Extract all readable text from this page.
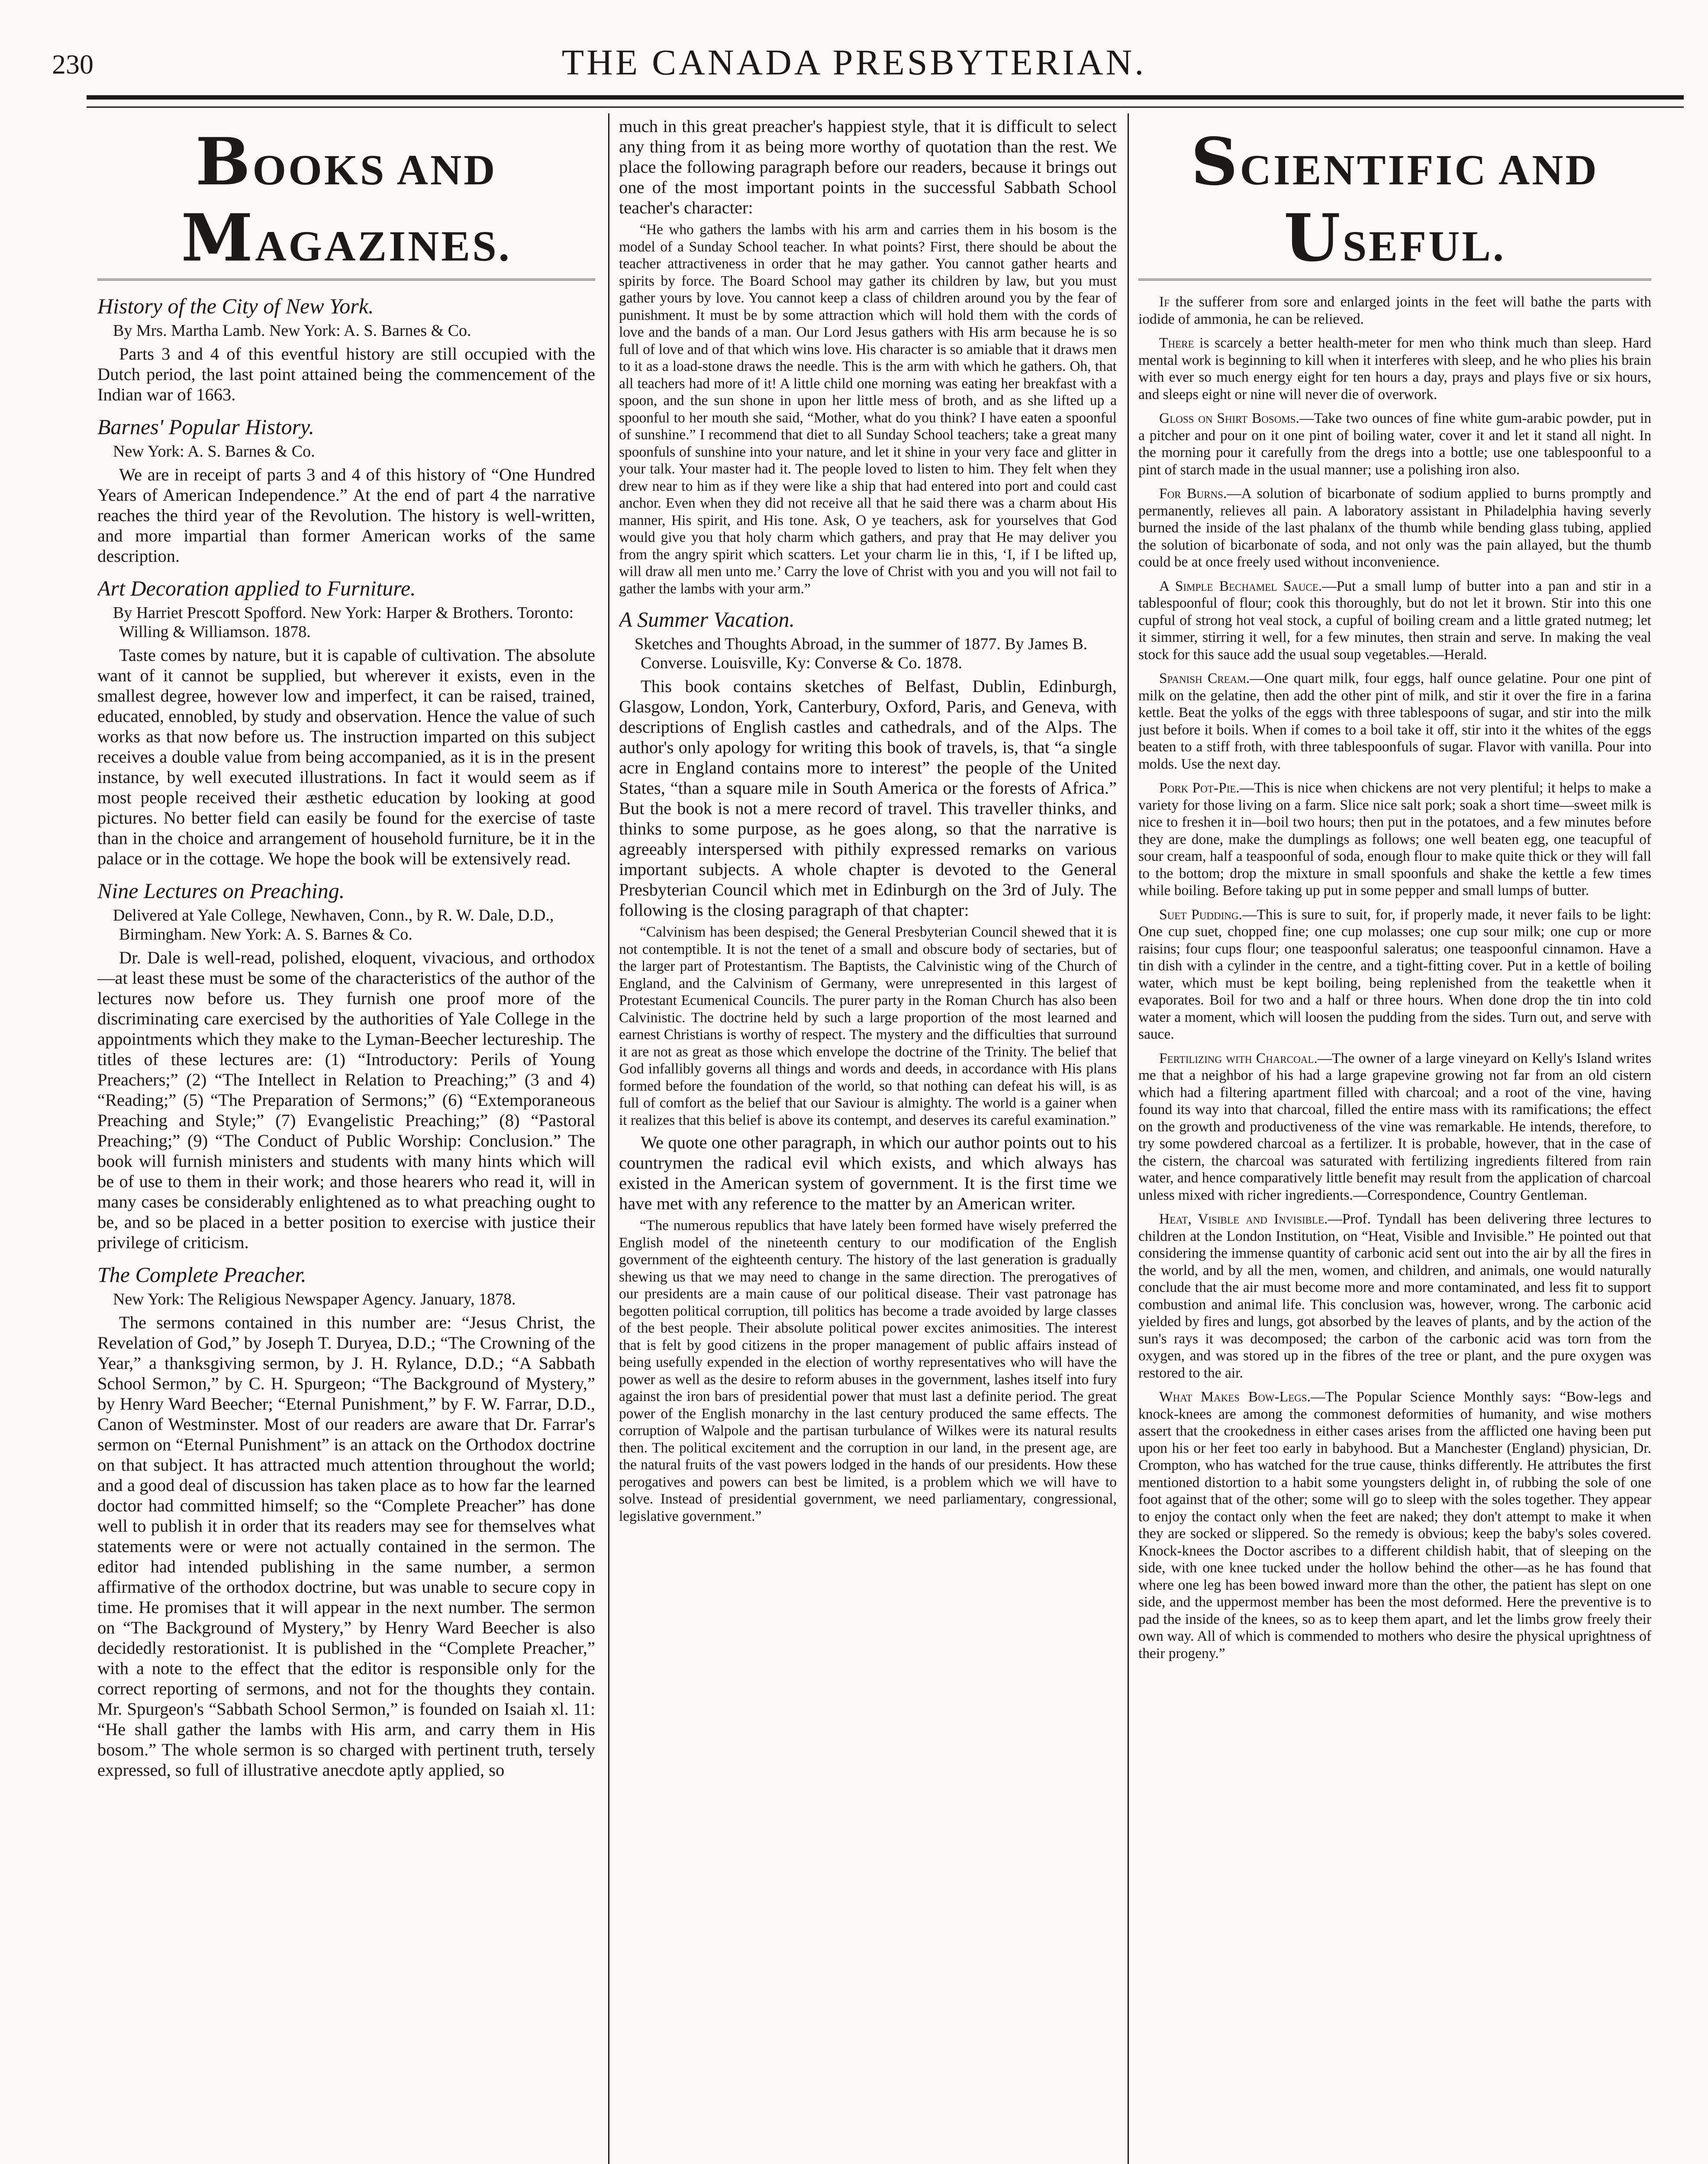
230	THE CANADA PRESBYTERIAN.
BOOKS AND MAGAZINES.
History of the City of New York.
By Mrs. Martha Lamb. New York: A. S. Barnes & Co.

Parts 3 and 4 of this eventful history are still occupied with the Dutch period, the last point attained being the commencement of the Indian war of 1663.

Barnes' Popular History.
New York: A. S. Barnes & Co.

We are in receipt of parts 3 and 4 of this history of “One Hundred Years of American Independence.” At the end of part 4 the narrative reaches the third year of the Revolution. The history is well-written, and more impartial than former American works of the same description.

Art Decoration applied to Furniture.
By Harriet Prescott Spofford. New York: Harper & Brothers. Toronto: Willing & Williamson. 1878.

Taste comes by nature, but it is capable of cultivation. The absolute want of it cannot be supplied, but wherever it exists, even in the smallest degree, however low and imperfect, it can be raised, trained, educated, ennobled, by study and observation. Hence the value of such works as that now before us. The instruction imparted on this subject receives a double value from being accompanied, as it is in the present instance, by well executed illustrations. In fact it would seem as if most people received their æsthetic education by looking at good pictures. No better field can easily be found for the exercise of taste than in the choice and arrangement of household furniture, be it in the palace or in the cottage. We hope the book will be extensively read.

Nine Lectures on Preaching.
Delivered at Yale College, Newhaven, Conn., by R. W. Dale, D.D., Birmingham. New York: A. S. Barnes & Co.

Dr. Dale is well-read, polished, eloquent, vivacious, and orthodox—at least these must be some of the characteristics of the author of the lectures now before us. They furnish one proof more of the discriminating care exercised by the authorities of Yale College in the appointments which they make to the Lyman-Beecher lectureship. The titles of these lectures are: (1) “Introductory: Perils of Young Preachers;” (2) “The Intellect in Relation to Preaching;” (3 and 4) “Reading;” (5) “The Preparation of Sermons;” (6) “Extemporaneous Preaching and Style;” (7) Evangelistic Preaching;” (8) “Pastoral Preaching;” (9) “The Conduct of Public Worship: Conclusion.” The book will furnish ministers and students with many hints which will be of use to them in their work; and those hearers who read it, will in many cases be considerably enlightened as to what preaching ought to be, and so be placed in a better position to exercise with justice their privilege of criticism.

The Complete Preacher.
New York: The Religious Newspaper Agency. January, 1878.

The sermons contained in this number are: “Jesus Christ, the Revelation of God,” by Joseph T. Duryea, D.D.; “The Crowning of the Year,” a thanksgiving sermon, by J. H. Rylance, D.D.; “A Sabbath School Sermon,” by C. H. Spurgeon; “The Background of Mystery,” by Henry Ward Beecher; “Eternal Punishment,” by F. W. Farrar, D.D., Canon of Westminster. Most of our readers are aware that Dr. Farrar's sermon on “Eternal Punishment” is an attack on the Orthodox doctrine on that subject. It has attracted much attention throughout the world; and a good deal of discussion has taken place as to how far the learned doctor had committed himself; so the “Complete Preacher” has done well to publish it in order that its readers may see for themselves what statements were or were not actually contained in the sermon. The editor had intended publishing in the same number, a sermon affirmative of the orthodox doctrine, but was unable to secure copy in time. He promises that it will appear in the next number. The sermon on “The Background of Mystery,” by Henry Ward Beecher is also decidedly restorationist. It is published in the “Complete Preacher,” with a note to the effect that the editor is responsible only for the correct reporting of sermons, and not for the thoughts they contain. Mr. Spurgeon's “Sabbath School Sermon,” is founded on Isaiah xl. 11: “He shall gather the lambs with His arm, and carry them in His bosom.” The whole sermon is so charged with pertinent truth, tersely expressed, so full of illustrative anecdote aptly applied, so

much in this great preacher's happiest style, that it is difficult to select any thing from it as being more worthy of quotation than the rest. We place the following paragraph before our readers, because it brings out one of the most important points in the successful Sabbath School teacher's character:

“He who gathers the lambs with his arm and carries them in his bosom is the model of a Sunday School teacher. In what points? First, there should be about the teacher attractiveness in order that he may gather. You cannot gather hearts and spirits by force. The Board School may gather its children by law, but you must gather yours by love. You cannot keep a class of children around you by the fear of punishment. It must be by some attraction which will hold them with the cords of love and the bands of a man. Our Lord Jesus gathers with His arm because he is so full of love and of that which wins love. His character is so amiable that it draws men to it as a load-stone draws the needle. This is the arm with which he gathers. Oh, that all teachers had more of it! A little child one morning was eating her breakfast with a spoon, and the sun shone in upon her little mess of broth, and as she lifted up a spoonful to her mouth she said, “Mother, what do you think? I have eaten a spoonful of sunshine.” I recommend that diet to all Sunday School teachers; take a great many spoonfuls of sunshine into your nature, and let it shine in your very face and glitter in your talk. Your master had it. The people loved to listen to him. They felt when they drew near to him as if they were like a ship that had entered into port and could cast anchor. Even when they did not receive all that he said there was a charm about His manner, His spirit, and His tone. Ask, O ye teachers, ask for yourselves that God would give you that holy charm which gathers, and pray that He may deliver you from the angry spirit which scatters. Let your charm lie in this, ‘I, if I be lifted up, will draw all men unto me.’ Carry the love of Christ with you and you will not fail to gather the lambs with your arm.”

A Summer Vacation.
Sketches and Thoughts Abroad, in the summer of 1877. By James B. Converse. Louisville, Ky: Converse & Co. 1878.

This book contains sketches of Belfast, Dublin, Edinburgh, Glasgow, London, York, Canterbury, Oxford, Paris, and Geneva, with descriptions of English castles and cathedrals, and of the Alps. The author's only apology for writing this book of travels, is, that “a single acre in England contains more to interest” the people of the United States, “than a square mile in South America or the forests of Africa.” But the book is not a mere record of travel. This traveller thinks, and thinks to some purpose, as he goes along, so that the narrative is agreeably interspersed with pithily expressed remarks on various important subjects. A whole chapter is devoted to the General Presbyterian Council which met in Edinburgh on the 3rd of July. The following is the closing paragraph of that chapter:

“Calvinism has been despised; the General Presbyterian Council shewed that it is not contemptible. It is not the tenet of a small and obscure body of sectaries, but of the larger part of Protestantism. The Baptists, the Calvinistic wing of the Church of England, and the Calvinism of Germany, were unrepresented in this largest of Protestant Ecumenical Councils. The purer party in the Roman Church has also been Calvinistic. The doctrine held by such a large proportion of the most learned and earnest Christians is worthy of respect. The mystery and the difficulties that surround it are not as great as those which envelope the doctrine of the Trinity. The belief that God infallibly governs all things and words and deeds, in accordance with His plans formed before the foundation of the world, so that nothing can defeat his will, is as full of comfort as the belief that our Saviour is almighty. The world is a gainer when it realizes that this belief is above its contempt, and deserves its careful examination.”

We quote one other paragraph, in which our author points out to his countrymen the radical evil which exists, and which always has existed in the American system of government. It is the first time we have met with any reference to the matter by an American writer.

“The numerous republics that have lately been formed have wisely preferred the English model of the nineteenth century to our modification of the English government of the eighteenth century. The history of the last generation is gradually shewing us that we may need to change in the same direction. The prerogatives of our presidents are a main cause of our political disease. Their vast patronage has begotten political corruption, till politics has become a trade avoided by large classes of the best people. Their absolute political power excites animosities. The interest that is felt by good citizens in the proper management of public affairs instead of being usefully expended in the election of worthy representatives who will have the power as well as the desire to reform abuses in the government, lashes itself into fury against the iron bars of presidential power that must last a definite period. The great power of the English monarchy in the last century produced the same effects. The corruption of Walpole and the partisan turbulance of Wilkes were its natural results then. The political excitement and the corruption in our land, in the present age, are the natural fruits of the vast powers lodged in the hands of our presidents. How these perogatives and powers can best be limited, is a problem which we will have to solve. Instead of presidential government, we need parliamentary, congressional, legislative government.”

SCIENTIFIC AND USEFUL.

If the sufferer from sore and enlarged joints in the feet will bathe the parts with iodide of ammonia, he can be relieved.

There is scarcely a better health-meter for men who think much than sleep. Hard mental work is beginning to kill when it interferes with sleep, and he who plies his brain with ever so much energy eight for ten hours a day, prays and plays five or six hours, and sleeps eight or nine will never die of overwork.

Gloss on Shirt Bosoms.—Take two ounces of fine white gum-arabic powder, put in a pitcher and pour on it one pint of boiling water, cover it and let it stand all night. In the morning pour it carefully from the dregs into a bottle; use one tablespoonful to a pint of starch made in the usual manner; use a polishing iron also.

For Burns.—A solution of bicarbonate of sodium applied to burns promptly and permanently, relieves all pain. A laboratory assistant in Philadelphia having severly burned the inside of the last phalanx of the thumb while bending glass tubing, applied the solution of bicarbonate of soda, and not only was the pain allayed, but the thumb could be at once freely used without inconvenience.

A Simple Bechamel Sauce.—Put a small lump of butter into a pan and stir in a tablespoonful of flour; cook this thoroughly, but do not let it brown. Stir into this one cupful of strong hot veal stock, a cupful of boiling cream and a little grated nutmeg; let it simmer, stirring it well, for a few minutes, then strain and serve. In making the veal stock for this sauce add the usual soup vegetables.—Herald.

Spanish Cream.—One quart milk, four eggs, half ounce gelatine. Pour one pint of milk on the gelatine, then add the other pint of milk, and stir it over the fire in a farina kettle. Beat the yolks of the eggs with three tablespoons of sugar, and stir into the milk just before it boils. When if comes to a boil take it off, stir into it the whites of the eggs beaten to a stiff froth, with three tablespoonfuls of sugar. Flavor with vanilla. Pour into molds. Use the next day.

Pork Pot-Pie.—This is nice when chickens are not very plentiful; it helps to make a variety for those living on a farm. Slice nice salt pork; soak a short time—sweet milk is nice to freshen it in—boil two hours; then put in the potatoes, and a few minutes before they are done, make the dumplings as follows; one well beaten egg, one teacupful of sour cream, half a teaspoonful of soda, enough flour to make quite thick or they will fall to the bottom; drop the mixture in small spoonfuls and shake the kettle a few times while boiling. Before taking up put in some pepper and small lumps of butter.

Suet Pudding.—This is sure to suit, for, if properly made, it never fails to be light: One cup suet, chopped fine; one cup molasses; one cup sour milk; one cup or more raisins; four cups flour; one teaspoonful saleratus; one teaspoonful cinnamon. Have a tin dish with a cylinder in the centre, and a tight-fitting cover. Put in a kettle of boiling water, which must be kept boiling, being replenished from the teakettle when it evaporates. Boil for two and a half or three hours. When done drop the tin into cold water a moment, which will loosen the pudding from the sides. Turn out, and serve with sauce.

Fertilizing with Charcoal.—The owner of a large vineyard on Kelly's Island writes me that a neighbor of his had a large grapevine growing not far from an old cistern which had a filtering apartment filled with charcoal; and a root of the vine, having found its way into that charcoal, filled the entire mass with its ramifications; the effect on the growth and productiveness of the vine was remarkable. He intends, therefore, to try some powdered charcoal as a fertilizer. It is probable, however, that in the case of the cistern, the charcoal was saturated with fertilizing ingredients filtered from rain water, and hence comparatively little benefit may result from the application of charcoal unless mixed with richer ingredients.—Correspondence, Country Gentleman.

Heat, Visible and Invisible.—Prof. Tyndall has been delivering three lectures to children at the London Institution, on “Heat, Visible and Invisible.” He pointed out that considering the immense quantity of carbonic acid sent out into the air by all the fires in the world, and by all the men, women, and children, and animals, one would naturally conclude that the air must become more and more contaminated, and less fit to support combustion and animal life. This conclusion was, however, wrong. The carbonic acid yielded by fires and lungs, got absorbed by the leaves of plants, and by the action of the sun's rays it was decomposed; the carbon of the carbonic acid was torn from the oxygen, and was stored up in the fibres of the tree or plant, and the pure oxygen was restored to the air.

What Makes Bow-Legs.—The Popular Science Monthly says: “Bow-legs and knock-knees are among the commonest deformities of humanity, and wise mothers assert that the crookedness in either cases arises from the afflicted one having been put upon his or her feet too early in babyhood. But a Manchester (England) physician, Dr. Crompton, who has watched for the true cause, thinks differently. He attributes the first mentioned distortion to a habit some youngsters delight in, of rubbing the sole of one foot against that of the other; some will go to sleep with the soles together. They appear to enjoy the contact only when the feet are naked; they don't attempt to make it when they are socked or slippered. So the remedy is obvious; keep the baby's soles covered. Knock-knees the Doctor ascribes to a different childish habit, that of sleeping on the side, with one knee tucked under the hollow behind the other—as he has found that where one leg has been bowed inward more than the other, the patient has slept on one side, and the uppermost member has been the most deformed. Here the preventive is to pad the inside of the knees, so as to keep them apart, and let the limbs grow freely their own way. All of which is commended to mothers who desire the physical uprightness of their progeny.”
